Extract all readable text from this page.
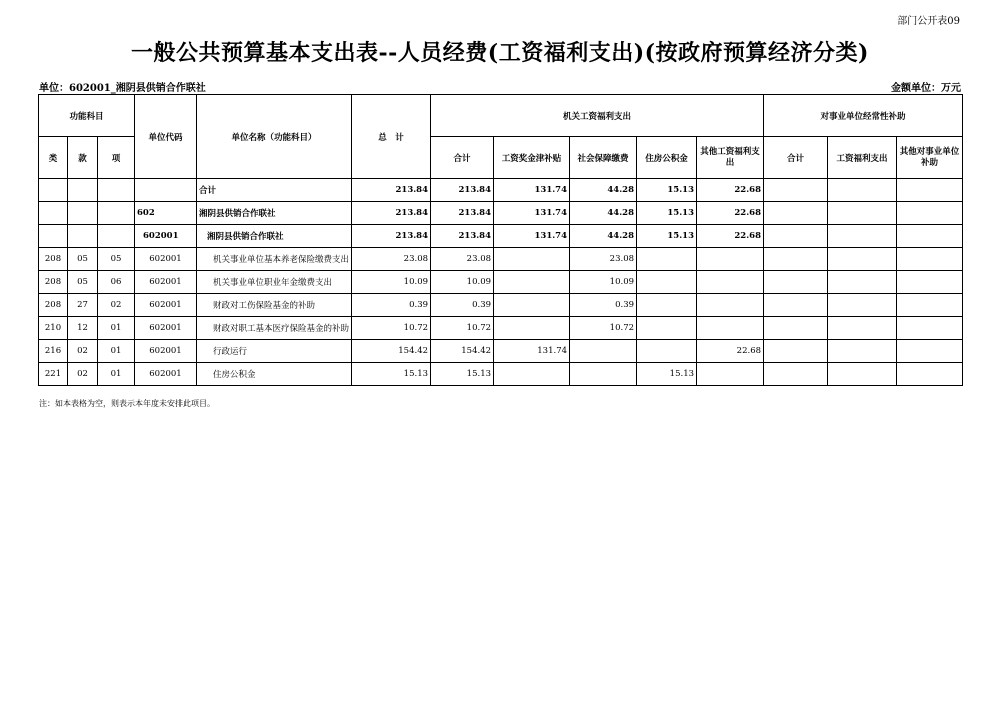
部门公开表09
一般公共预算基本支出表--人员经费(工资福利支出)(按政府预算经济分类)
单位：602001_湘阴县供销合作联社	金额单位：万元
功能科目			单位代码	单位名称（功能科目）	总　计	机关工资福利支出					对事业单位经常性补助		
类	款	项				合计	工资奖金津补贴	社会保障缴费	住房公积金	其他工资福利支出	合计	工资福利支出	其他对事业单位补助
				合计	213.84	213.84	131.74	44.28	15.13	22.68			
			602	湘阴县供销合作联社	213.84	213.84	131.74	44.28	15.13	22.68			
			602001	湘阴县供销合作联社	213.84	213.84	131.74	44.28	15.13	22.68			
208	05	05	602001	机关事业单位基本养老保险缴费支出	23.08	23.08		23.08					
208	05	06	602001	机关事业单位职业年金缴费支出	10.09	10.09		10.09					
208	27	02	602001	财政对工伤保险基金的补助	0.39	0.39		0.39					
210	12	01	602001	财政对职工基本医疗保险基金的补助	10.72	10.72		10.72					
216	02	01	602001	行政运行	154.42	154.42	131.74			22.68			
221	02	01	602001	住房公积金	15.13	15.13			15.13				
注：如本表格为空，则表示本年度未安排此项目。
